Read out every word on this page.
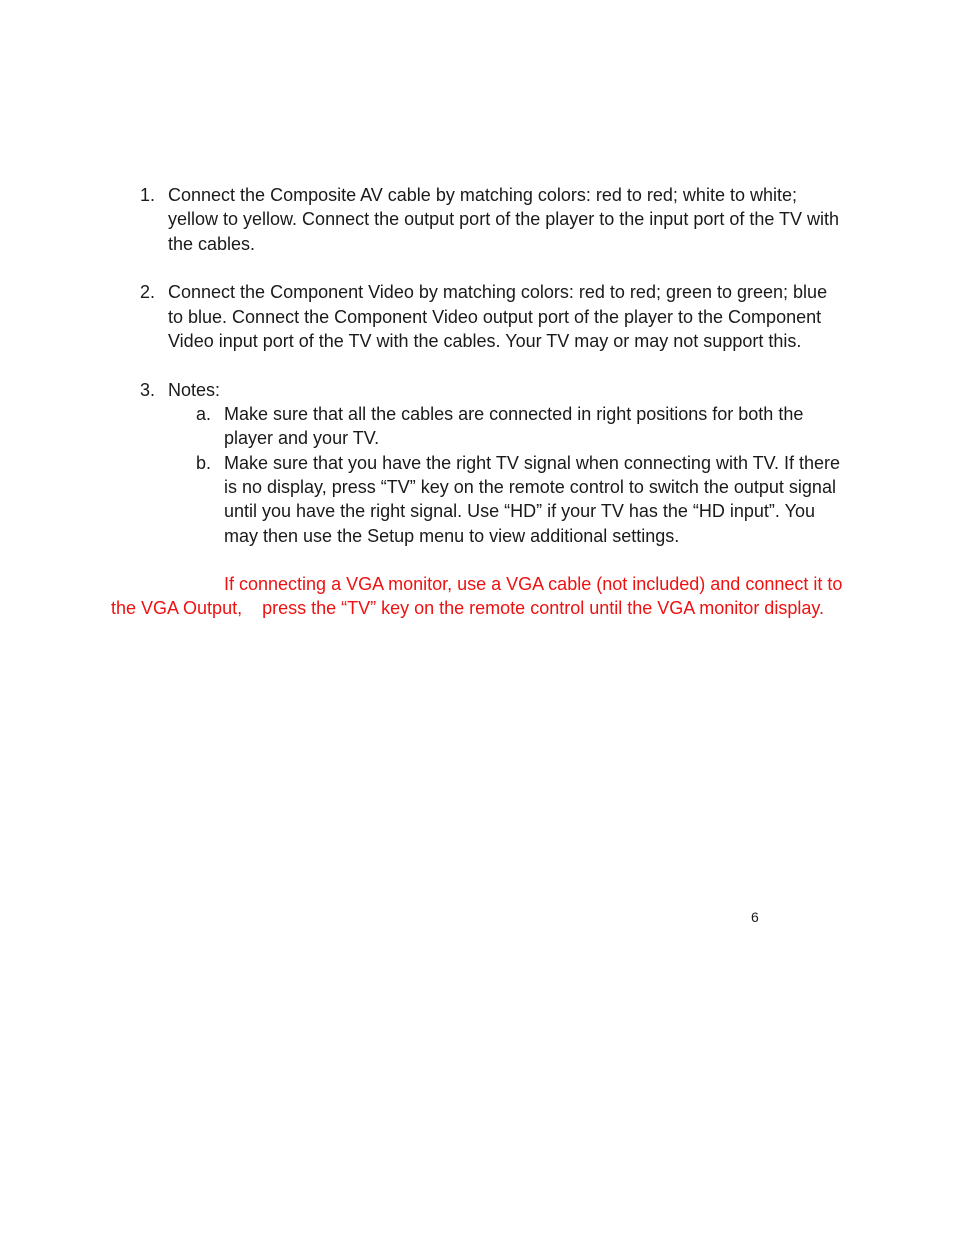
1. Connect the Composite AV cable by matching colors: red to red; white to white; yellow to yellow. Connect the output port of the player to the input port of the TV with the cables.
2. Connect the Component Video by matching colors: red to red; green to green; blue to blue. Connect the Component Video output port of the player to the Component Video input port of the TV with the cables. Your TV may or may not support this.
3. Notes:
a. Make sure that all the cables are connected in right positions for both the player and your TV.
b. Make sure that you have the right TV signal when connecting with TV. If there is no display, press “TV” key on the remote control to switch the output signal until you have the right signal. Use “HD” if your TV has the “HD input”. You may then use the Setup menu to view additional settings.
If connecting a VGA monitor, use a VGA cable (not included) and connect it to the VGA Output,    press the “TV” key on the remote control until the VGA monitor display.
6
